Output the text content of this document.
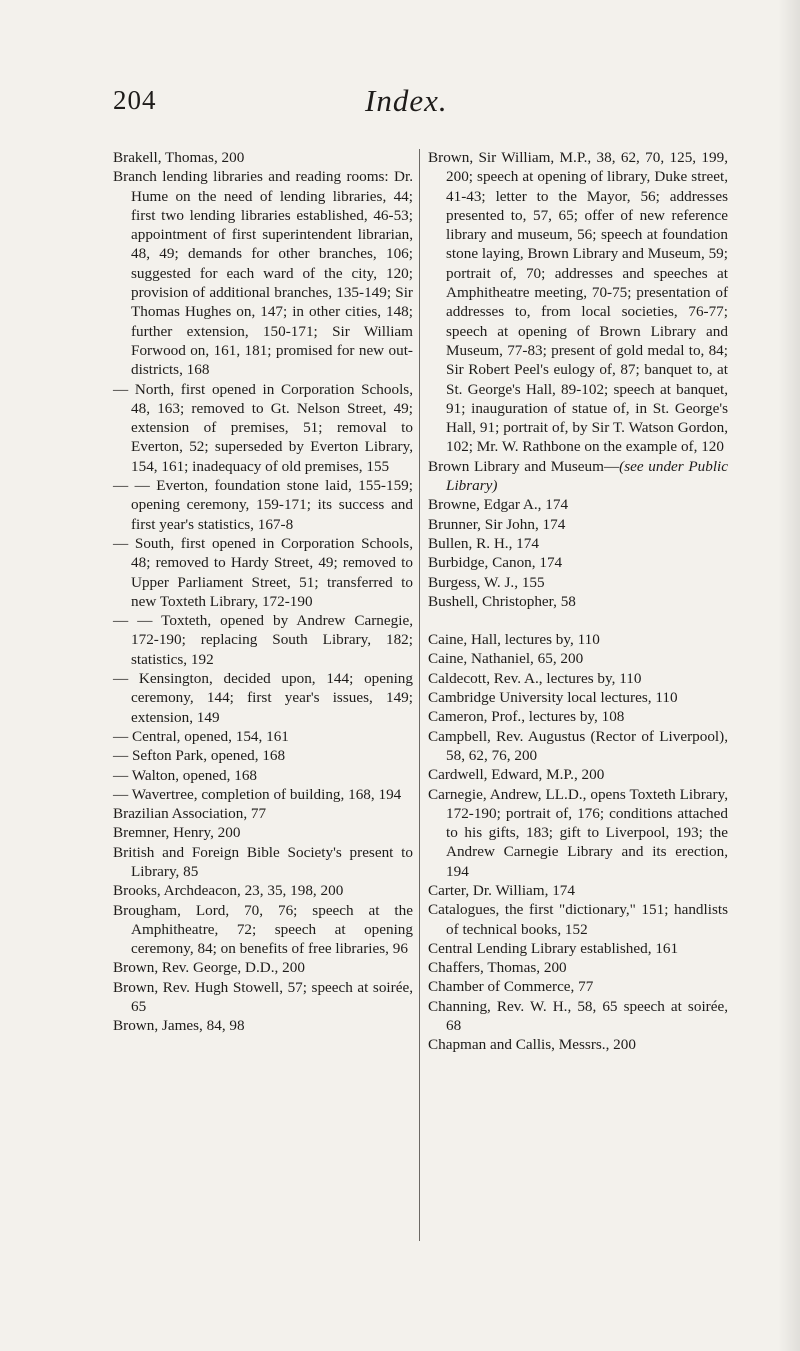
204	Index.

Brakell, Thomas, 200

Branch lending libraries and reading rooms: Dr. Hume on the need of lending libraries, 44; first two lending libraries established, 46-53; appointment of first superintendent librarian, 48, 49; demands for other branches, 106; suggested for each ward of the city, 120; provision of additional branches, 135-149; Sir Thomas Hughes on, 147; in other cities, 148; further extension, 150-171; Sir William Forwood on, 161, 181; promised for new out-districts, 168

— North, first opened in Corporation Schools, 48, 163; removed to Gt. Nelson Street, 49; extension of premises, 51; removal to Everton, 52; superseded by Everton Library, 154, 161; inadequacy of old premises, 155

— — Everton, foundation stone laid, 155-159; opening ceremony, 159-171; its success and first year's statistics, 167-8

— South, first opened in Corporation Schools, 48; removed to Hardy Street, 49; removed to Upper Parliament Street, 51; transferred to new Toxteth Library, 172-190

— — Toxteth, opened by Andrew Carnegie, 172-190; replacing South Library, 182; statistics, 192

— Kensington, decided upon, 144; opening ceremony, 144; first year's issues, 149; extension, 149

— Central, opened, 154, 161

— Sefton Park, opened, 168

— Walton, opened, 168

— Wavertree, completion of building, 168, 194

Brazilian Association, 77

Bremner, Henry, 200

British and Foreign Bible Society's present to Library, 85

Brooks, Archdeacon, 23, 35, 198, 200

Brougham, Lord, 70, 76; speech at the Amphitheatre, 72; speech at opening ceremony, 84; on benefits of free libraries, 96

Brown, Rev. George, D.D., 200

Brown, Rev. Hugh Stowell, 57; speech at soirée, 65

Brown, James, 84, 98

Brown, Sir William, M.P., 38, 62, 70, 125, 199, 200; speech at opening of library, Duke street, 41-43; letter to the Mayor, 56; addresses presented to, 57, 65; offer of new reference library and museum, 56; speech at foundation stone laying, Brown Library and Museum, 59; portrait of, 70; addresses and speeches at Amphitheatre meeting, 70-75; presentation of addresses to, from local societies, 76-77; speech at opening of Brown Library and Museum, 77-83; present of gold medal to, 84; Sir Robert Peel's eulogy of, 87; banquet to, at St. George's Hall, 89-102; speech at banquet, 91; inauguration of statue of, in St. George's Hall, 91; portrait of, by Sir T. Watson Gordon, 102; Mr. W. Rathbone on the example of, 120

Brown Library and Museum—(see under Public Library)

Browne, Edgar A., 174

Brunner, Sir John, 174

Bullen, R. H., 174

Burbidge, Canon, 174

Burgess, W. J., 155

Bushell, Christopher, 58

Caine, Hall, lectures by, 110

Caine, Nathaniel, 65, 200

Caldecott, Rev. A., lectures by, 110

Cambridge University local lectures, 110

Cameron, Prof., lectures by, 108

Campbell, Rev. Augustus (Rector of Liverpool), 58, 62, 76, 200

Cardwell, Edward, M.P., 200

Carnegie, Andrew, LL.D., opens Toxteth Library, 172-190; portrait of, 176; conditions attached to his gifts, 183; gift to Liverpool, 193; the Andrew Carnegie Library and its erection, 194

Carter, Dr. William, 174

Catalogues, the first "dictionary," 151; handlists of technical books, 152

Central Lending Library established, 161

Chaffers, Thomas, 200

Chamber of Commerce, 77

Channing, Rev. W. H., 58, 65 speech at soirée, 68

Chapman and Callis, Messrs., 200
